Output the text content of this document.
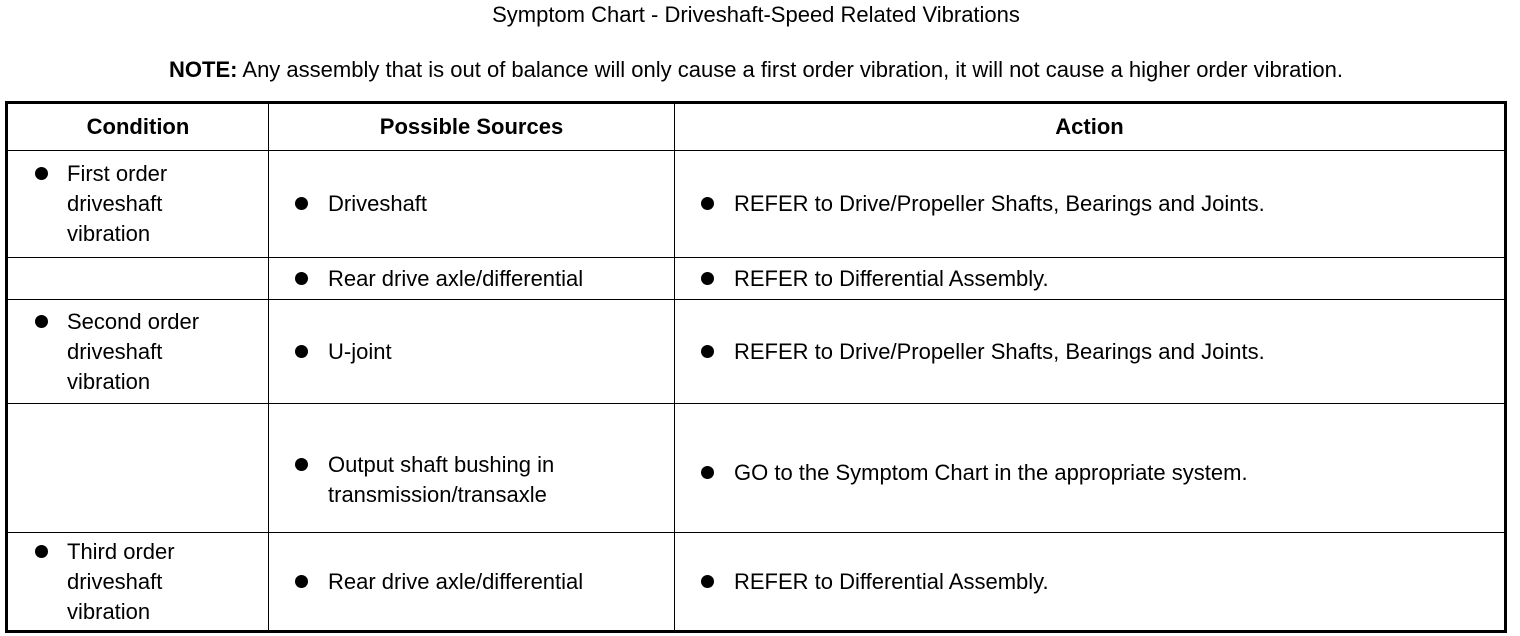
Symptom Chart - Driveshaft-Speed Related Vibrations
NOTE: Any assembly that is out of balance will only cause a first order vibration, it will not cause a higher order vibration.
Condition	Possible Sources	Action

First order driveshaft vibration	Driveshaft	REFER to Drive/Propeller Shafts, Bearings and Joints.

	Rear drive axle/differential	REFER to Differential Assembly.

Second order driveshaft vibration	U-joint	REFER to Drive/Propeller Shafts, Bearings and Joints.

	Output shaft bushing in transmission/transaxle	GO to the Symptom Chart in the appropriate system.

Third order driveshaft vibration	Rear drive axle/differential	REFER to Differential Assembly.
